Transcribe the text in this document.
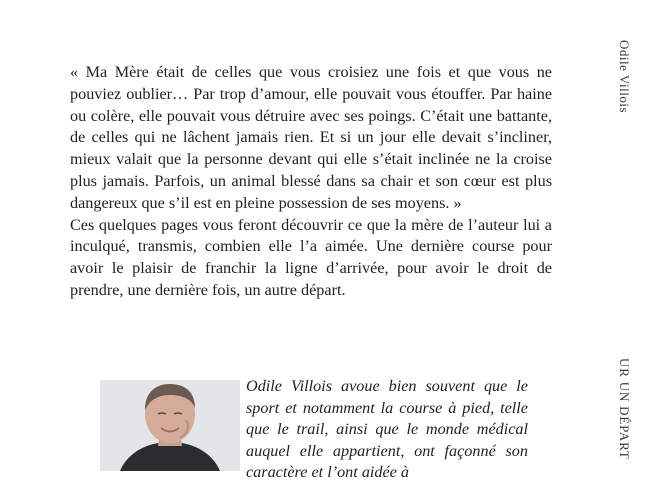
« Ma Mère était de celles que vous croisiez une fois et que vous ne pouviez oublier… Par trop d’amour, elle pouvait vous étouffer. Par haine ou colère, elle pouvait vous détruire avec ses poings. C’était une battante, de celles qui ne lâchent jamais rien. Et si un jour elle devait s’incliner, mieux valait que la personne devant qui elle s’était inclinée ne la croise plus jamais. Parfois, un animal blessé dans sa chair et son cœur est plus dangereux que s’il est en pleine possession de ses moyens. »

Ces quelques pages vous feront découvrir ce que la mère de l’auteur lui a inculqué, transmis, combien elle l’a aimée. Une dernière course pour avoir le plaisir de franchir la ligne d’arrivée, pour avoir le droit de prendre, une dernière fois, un autre départ.

Odile Villois
UR UN DÉPART

Odile Villois avoue bien souvent que le sport et notamment la course à pied, telle que le trail, ainsi que le monde médical auquel elle appartient, ont façonné son caractère et l’ont aidée à
